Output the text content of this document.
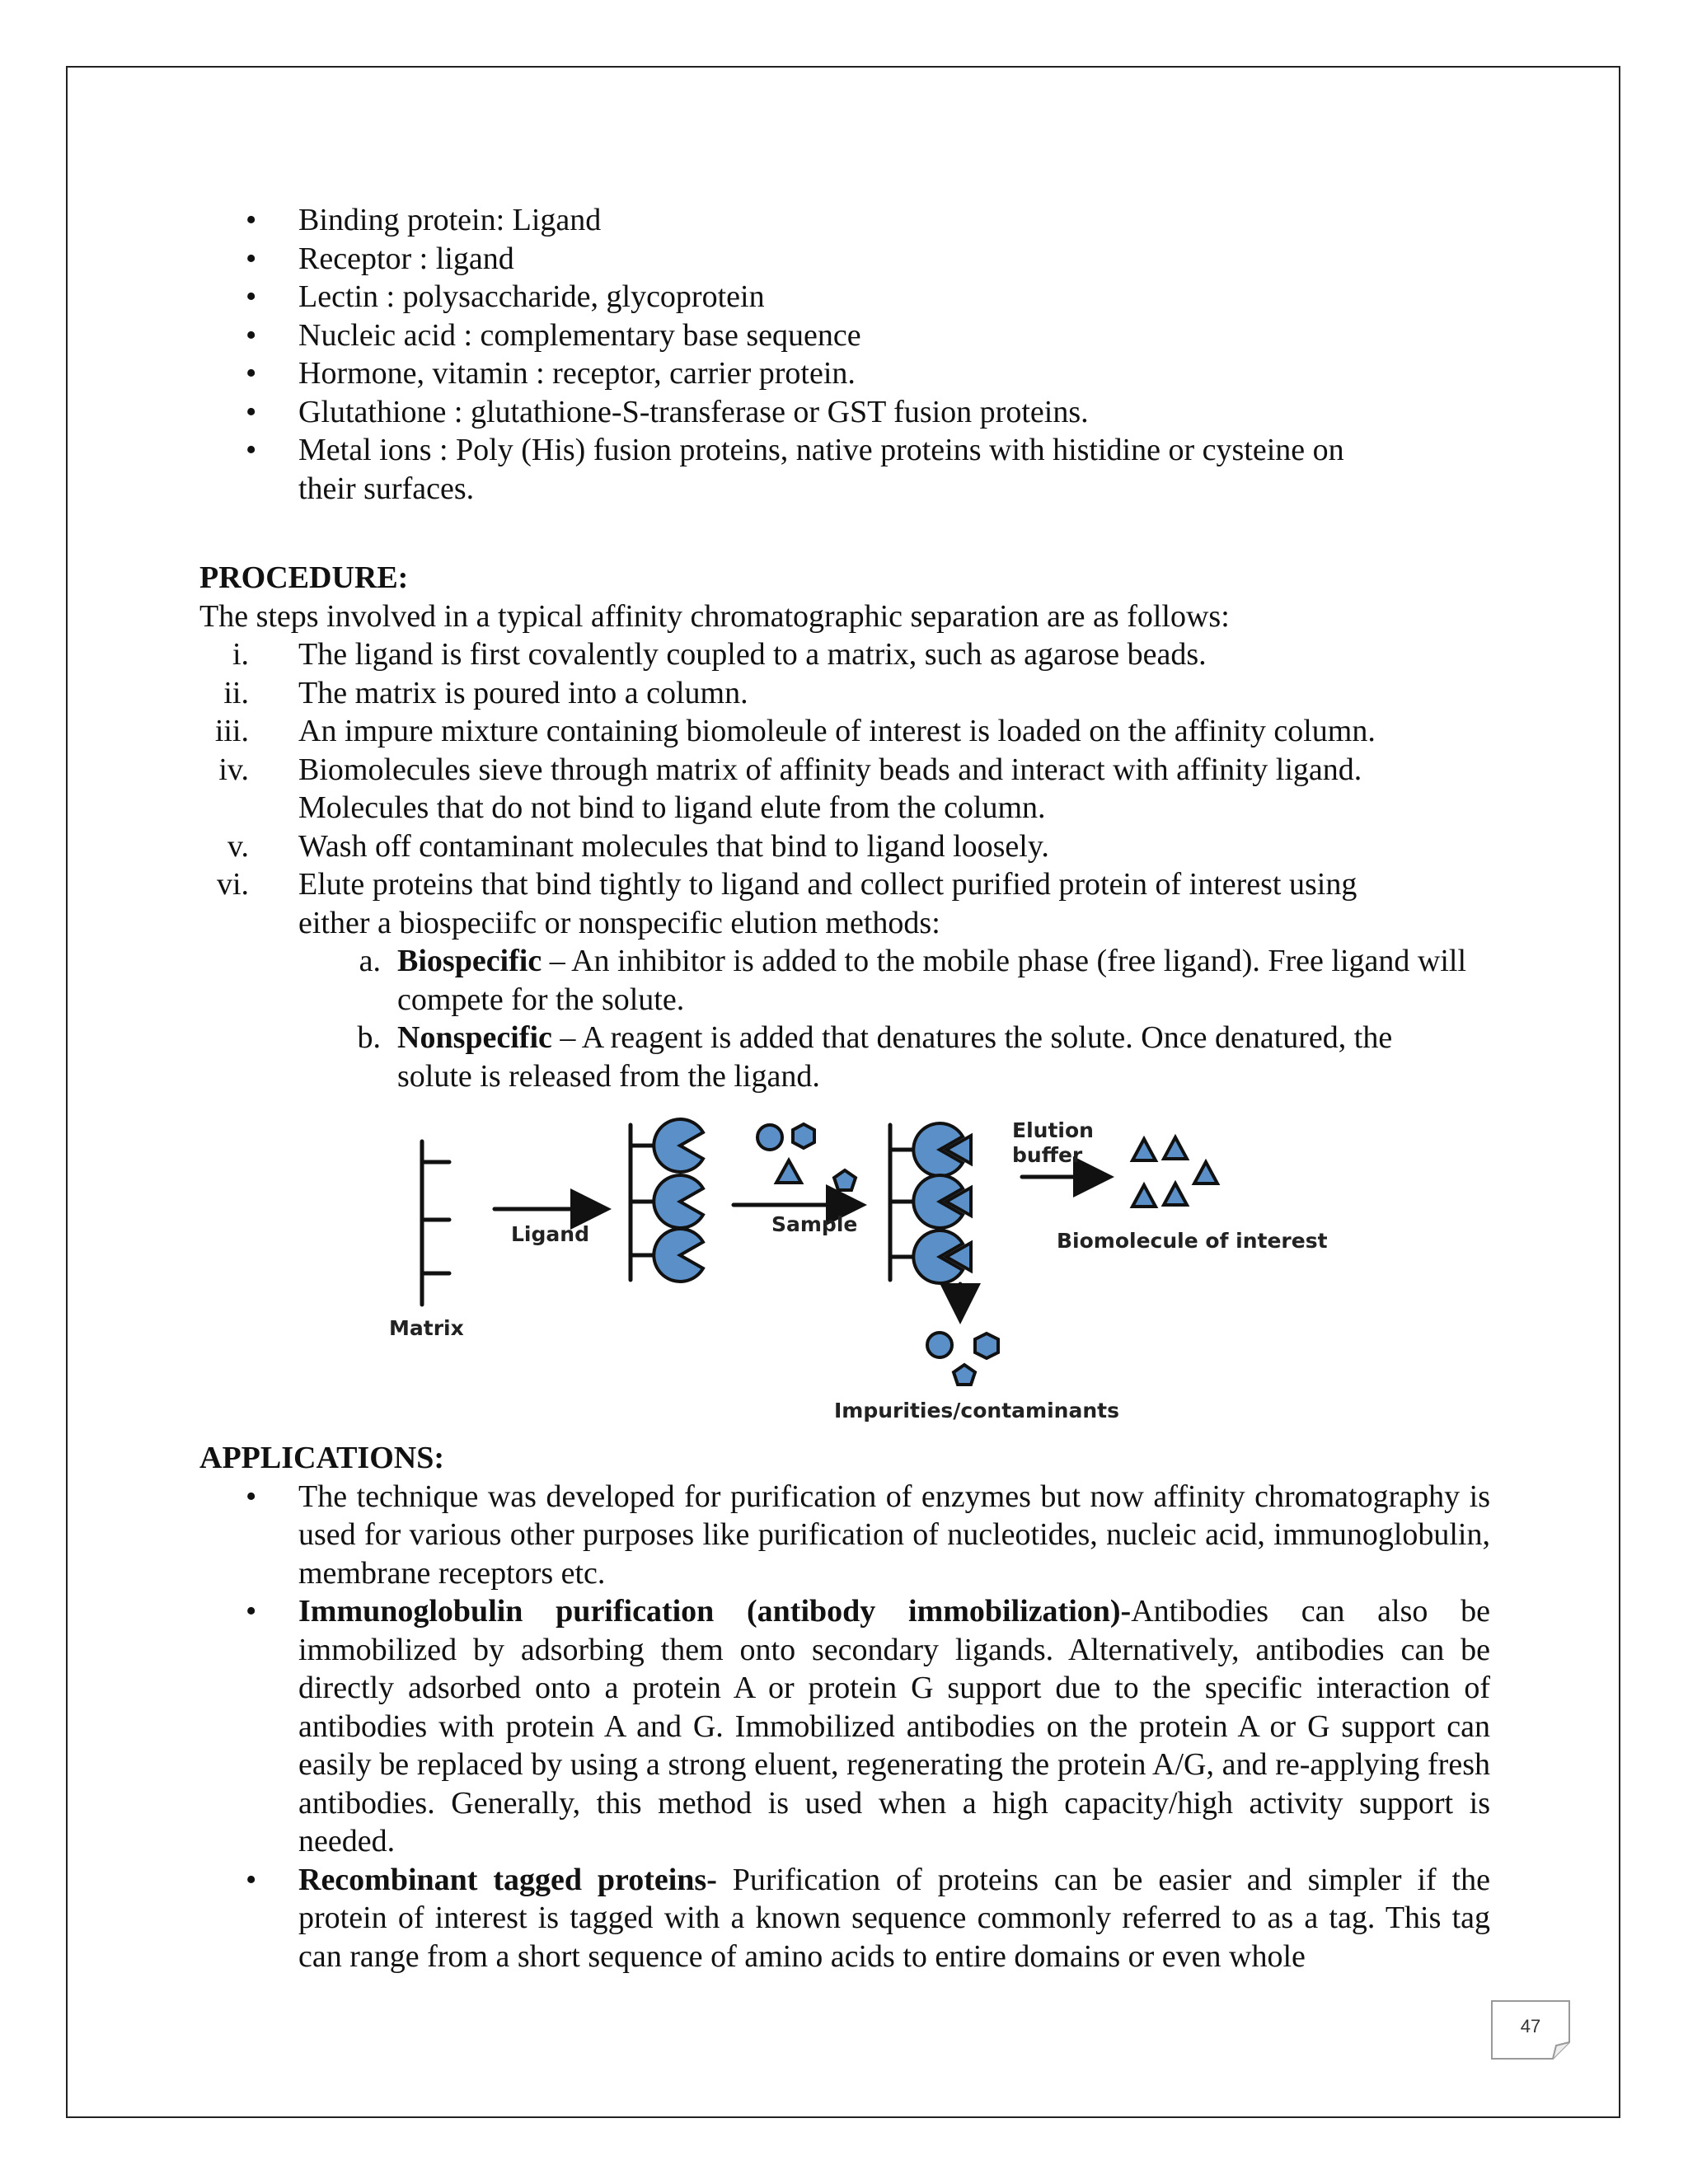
• Binding protein: Ligand
• Receptor : ligand
• Lectin : polysaccharide, glycoprotein
• Nucleic acid : complementary base sequence
• Hormone, vitamin : receptor, carrier protein.
• Glutathione : glutathione-S-transferase or GST fusion proteins.
• Metal ions : Poly (His) fusion proteins, native proteins with histidine or cysteine on their surfaces.
PROCEDURE:
The steps involved in a typical affinity chromatographic separation are as follows:
i. The ligand is first covalently coupled to a matrix, such as agarose beads.
ii. The matrix is poured into a column.
iii. An impure mixture containing biomoleule of interest is loaded on the affinity column.
iv. Biomolecules sieve through matrix of affinity beads and interact with affinity ligand. Molecules that do not bind to ligand elute from the column.
v. Wash off contaminant molecules that bind to ligand loosely.
vi. Elute proteins that bind tightly to ligand and collect purified protein of interest using either a biospeciifc or nonspecific elution methods:
a. Biospecific – An inhibitor is added to the mobile phase (free ligand). Free ligand will compete for the solute.
b. Nonspecific – A reagent is added that denatures the solute. Once denatured, the solute is released from the ligand.
Matrix
Ligand	Sample
Elution
buffer
Biomolecule of interest
Impurities/contaminants
APPLICATIONS:
• The technique was developed for purification of enzymes but now affinity chromatography is used for various other purposes like purification of nucleotides, nucleic acid, immunoglobulin, membrane receptors etc.
• Immunoglobulin purification (antibody immobilization)-Antibodies can also be immobilized by adsorbing them onto secondary ligands. Alternatively, antibodies can be directly adsorbed onto a protein A or protein G support due to the specific interaction of antibodies with protein A and G. Immobilized antibodies on the protein A or G support can easily be replaced by using a strong eluent, regenerating the protein A/G, and re-applying fresh antibodies. Generally, this method is used when a high capacity/high activity support is needed.
• Recombinant tagged proteins- Purification of proteins can be easier and simpler if the protein of interest is tagged with a known sequence commonly referred to as a tag. This tag can range from a short sequence of amino acids to entire domains or even whole
47
